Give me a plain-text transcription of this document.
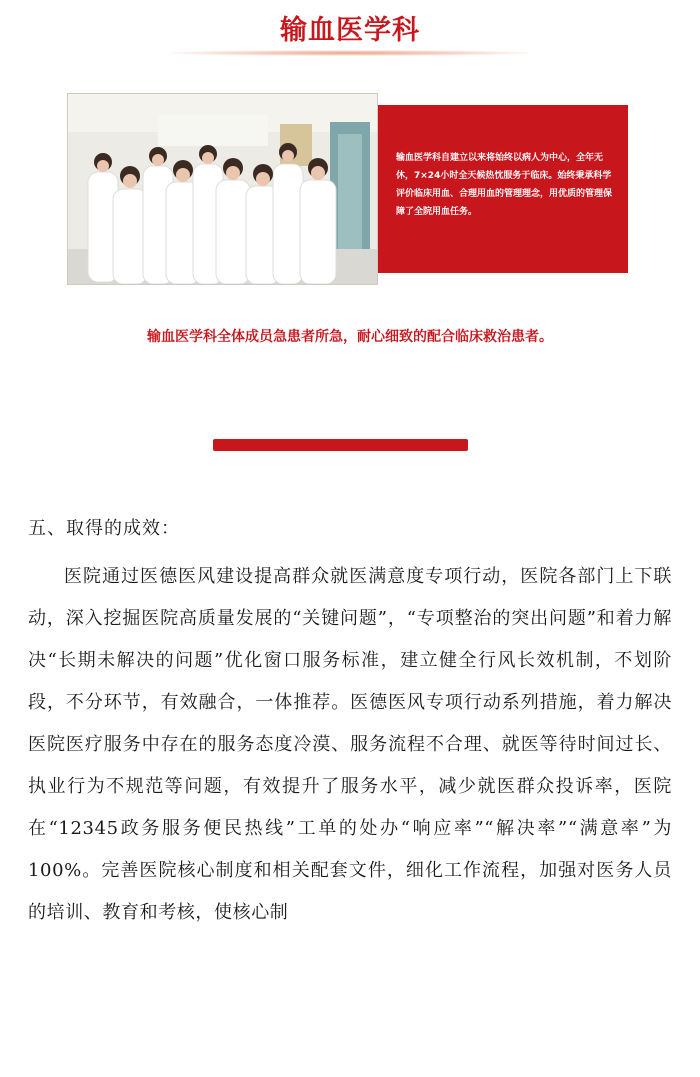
输血医学科

输血医学科自建立以来将始终以病人为中心，全年无休，7×24小时全天候热忱服务于临床。始终秉承科学评价临床用血、合理用血的管理理念，用优质的管理保障了全院用血任务。

输血医学科全体成员急患者所急，耐心细致的配合临床救治患者。
五、取得的成效：

医院通过医德医风建设提高群众就医满意度专项行动，医院各部门上下联动，深入挖掘医院高质量发展的“关键问题”，“专项整治的突出问题”和着力解决“长期未解决的问题”优化窗口服务标准，建立健全行风长效机制，不划阶段，不分环节，有效融合，一体推荐。医德医风专项行动系列措施，着力解决医院医疗服务中存在的服务态度冷漠、服务流程不合理、就医等待时间过长、执业行为不规范等问题，有效提升了服务水平，减少就医群众投诉率，医院在“12345政务服务便民热线”工单的处办“响应率”“解决率”“满意率”为100%。完善医院核心制度和相关配套文件，细化工作流程，加强对医务人员的培训、教育和考核，使核心制
